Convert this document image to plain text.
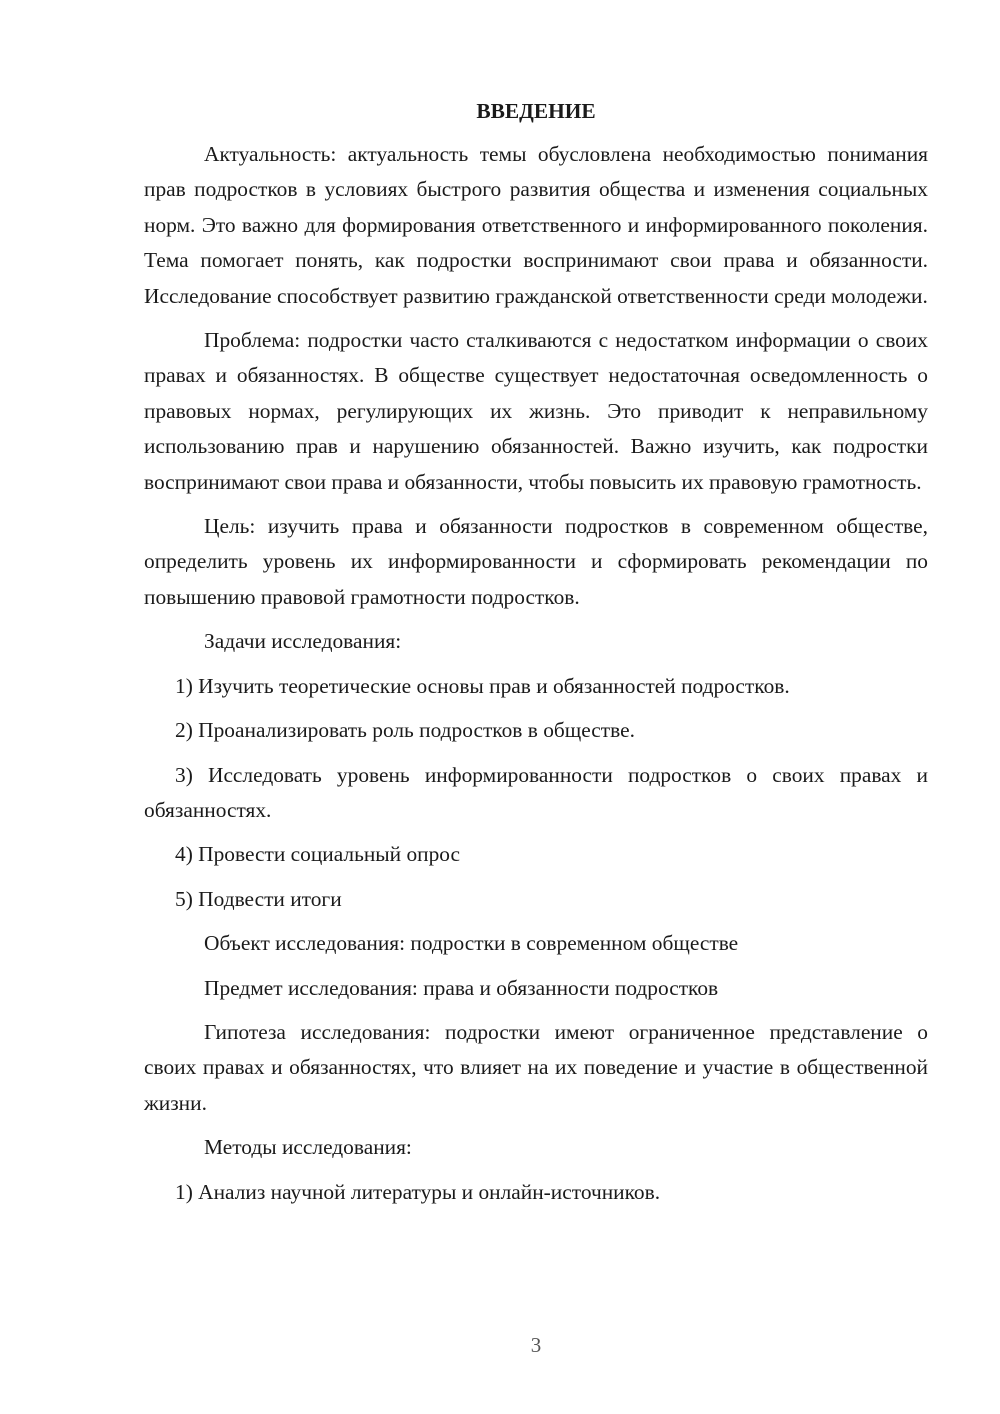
ВВЕДЕНИЕ

Актуальность: актуальность темы обусловлена необходимостью понимания прав подростков в условиях быстрого развития общества и изменения социальных норм. Это важно для формирования ответственного и информированного поколения. Тема помогает понять, как подростки воспринимают свои права и обязанности. Исследование способствует развитию гражданской ответственности среди молодежи.

Проблема: подростки часто сталкиваются с недостатком информации о своих правах и обязанностях. В обществе существует недостаточная осведомленность о правовых нормах, регулирующих их жизнь. Это приводит к неправильному использованию прав и нарушению обязанностей. Важно изучить, как подростки воспринимают свои права и обязанности, чтобы повысить их правовую грамотность.

Цель: изучить права и обязанности подростков в современном обществе, определить уровень их информированности и сформировать рекомендации по повышению правовой грамотности подростков.

Задачи исследования:

1) Изучить теоретические основы прав и обязанностей подростков.

2) Проанализировать роль подростков в обществе.

3) Исследовать уровень информированности подростков о своих правах и обязанностях.

4) Провести социальный опрос

5) Подвести итоги

Объект исследования: подростки в современном обществе

Предмет исследования: права и обязанности подростков

Гипотеза исследования: подростки имеют ограниченное представление о своих правах и обязанностях, что влияет на их поведение и участие в общественной жизни.

Методы исследования:

1) Анализ научной литературы и онлайн-источников.

3
